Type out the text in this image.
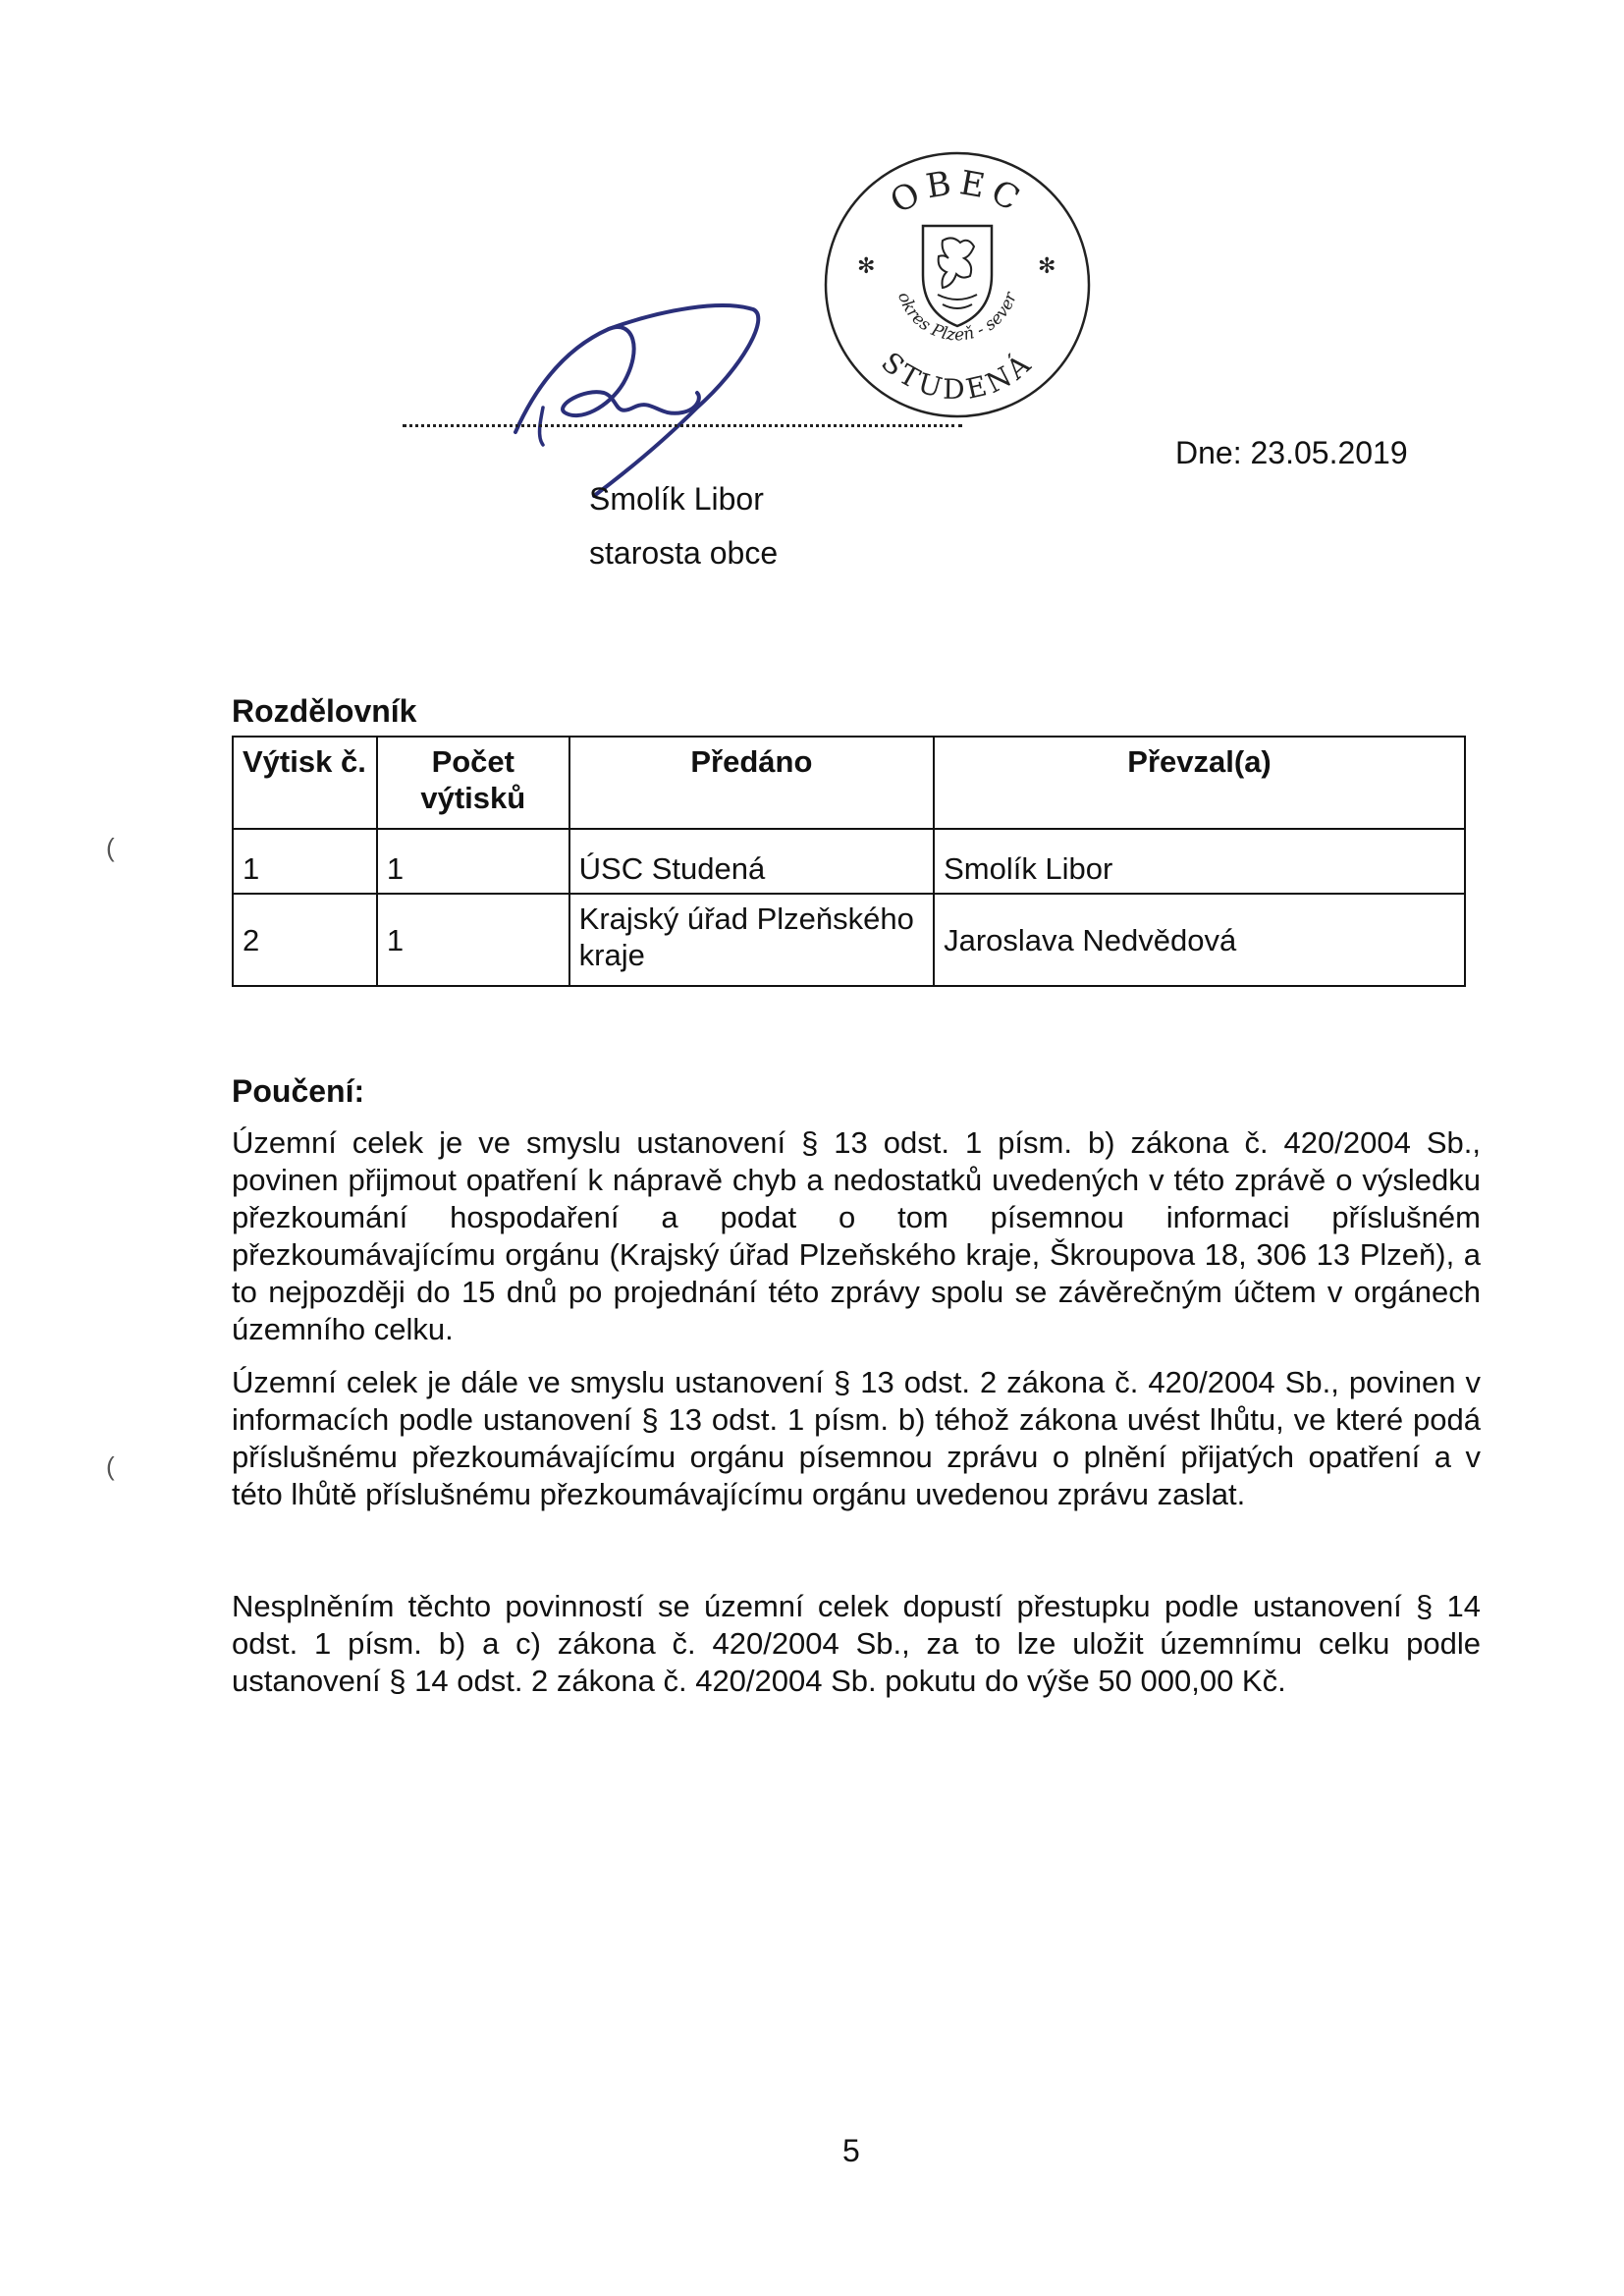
OBEC
✻	✻
okres Plzeň - sever
STUDENÁ
Smolík Libor
starosta obce
Dne: 23.05.2019
Rozdělovník
Výtisk č.	Počet výtisků	Předáno	Převzal(a)
1	1	ÚSC Studená	Smolík Libor
2	1	Krajský úřad Plzeňského kraje	Jaroslava Nedvědová
Poučení:
Územní celek je ve smyslu ustanovení § 13 odst. 1 písm. b) zákona č. 420/2004 Sb., povinen přijmout opatření k nápravě chyb a nedostatků uvedených v této zprávě o výsledku přezkoumání hospodaření a podat o tom písemnou informaci příslušném přezkoumávajícímu orgánu (Krajský úřad Plzeňského kraje, Škroupova 18, 306 13 Plzeň), a to nejpozději do 15 dnů po projednání této zprávy spolu se závěrečným účtem v orgánech územního celku.
Územní celek je dále ve smyslu ustanovení § 13 odst. 2 zákona č. 420/2004 Sb., povinen v informacích podle ustanovení § 13 odst. 1 písm. b) téhož zákona uvést lhůtu, ve které podá příslušnému přezkoumávajícímu orgánu písemnou zprávu o plnění přijatých opatření a v této lhůtě příslušnému přezkoumávajícímu orgánu uvedenou zprávu zaslat.
Nesplněním těchto povinností se územní celek dopustí přestupku podle ustanovení § 14 odst. 1 písm. b) a c) zákona č. 420/2004 Sb., za to lze uložit územnímu celku podle ustanovení § 14 odst. 2 zákona č. 420/2004 Sb. pokutu do výše 50 000,00 Kč.
5
(
(
